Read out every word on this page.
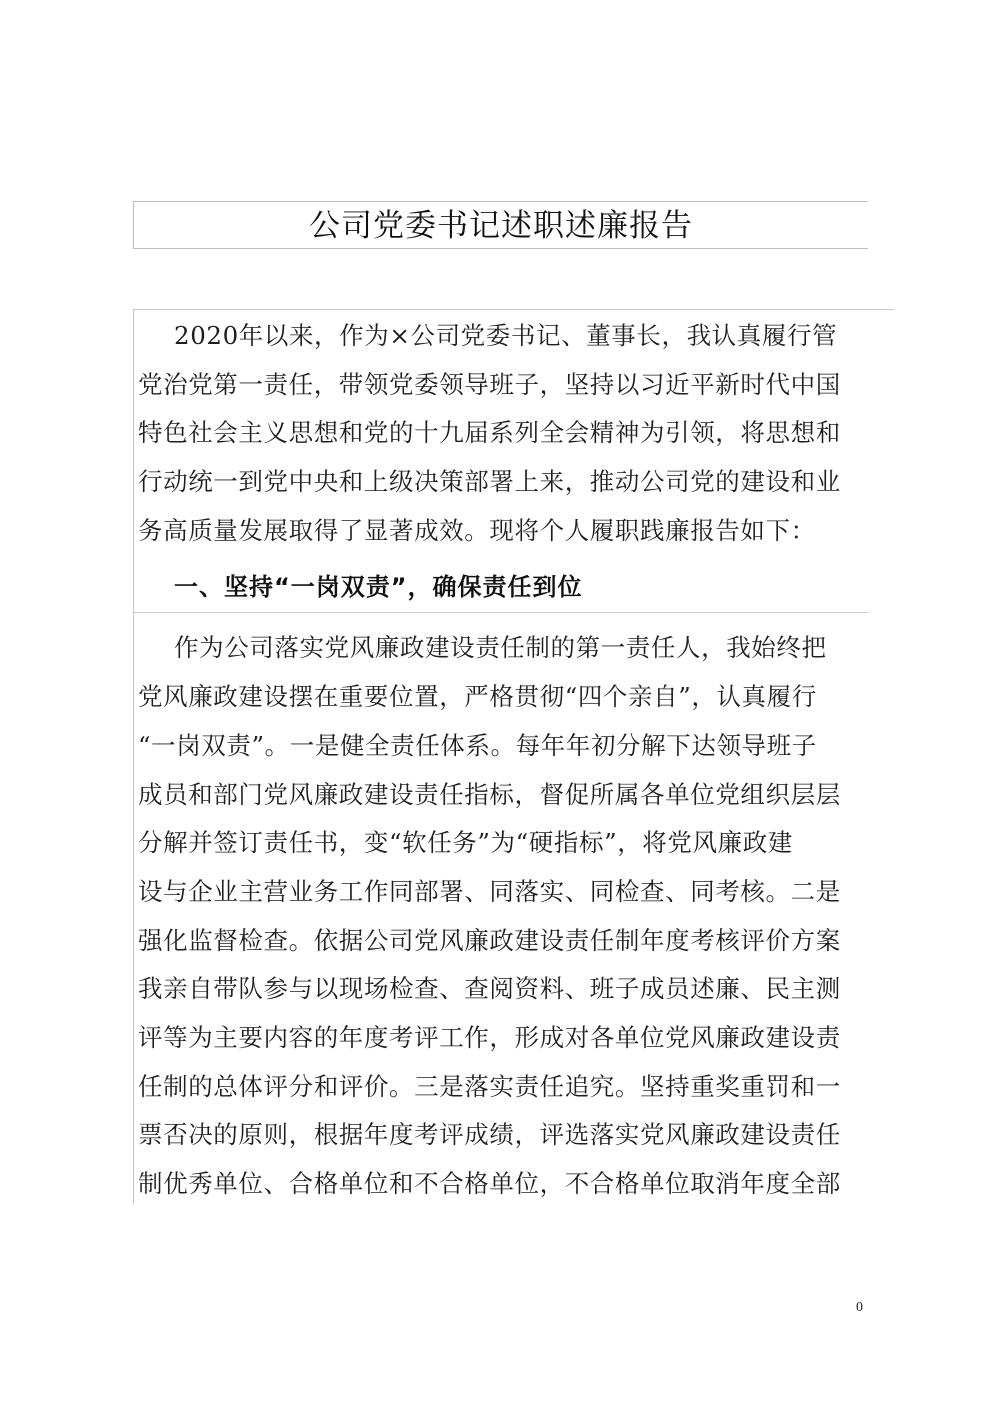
公司党委书记述职述廉报告
2020年以来，作为×公司党委书记、董事长，我认真履行管
党治党第一责任，带领党委领导班子，坚持以习近平新时代中国
特色社会主义思想和党的十九届系列全会精神为引领，将思想和
行动统一到党中央和上级决策部署上来，推动公司党的建设和业
务高质量发展取得了显著成效。现将个人履职践廉报告如下：
一、坚持“一岗双责”，确保责任到位
作为公司落实党风廉政建设责任制的第一责任人，我始终把
党风廉政建设摆在重要位置，严格贯彻“四个亲自”，认真履行
“一岗双责”。一是健全责任体系。每年年初分解下达领导班子
成员和部门党风廉政建设责任指标，督促所属各单位党组织层层
分解并签订责任书，变“软任务”为“硬指标”，将党风廉政建
设与企业主营业务工作同部署、同落实、同检查、同考核。二是
强化监督检查。依据公司党风廉政建设责任制年度考核评价方案
我亲自带队参与以现场检查、查阅资料、班子成员述廉、民主测
评等为主要内容的年度考评工作，形成对各单位党风廉政建设责
任制的总体评分和评价。三是落实责任追究。坚持重奖重罚和一
票否决的原则，根据年度考评成绩，评选落实党风廉政建设责任
制优秀单位、合格单位和不合格单位，不合格单位取消年度全部
0
